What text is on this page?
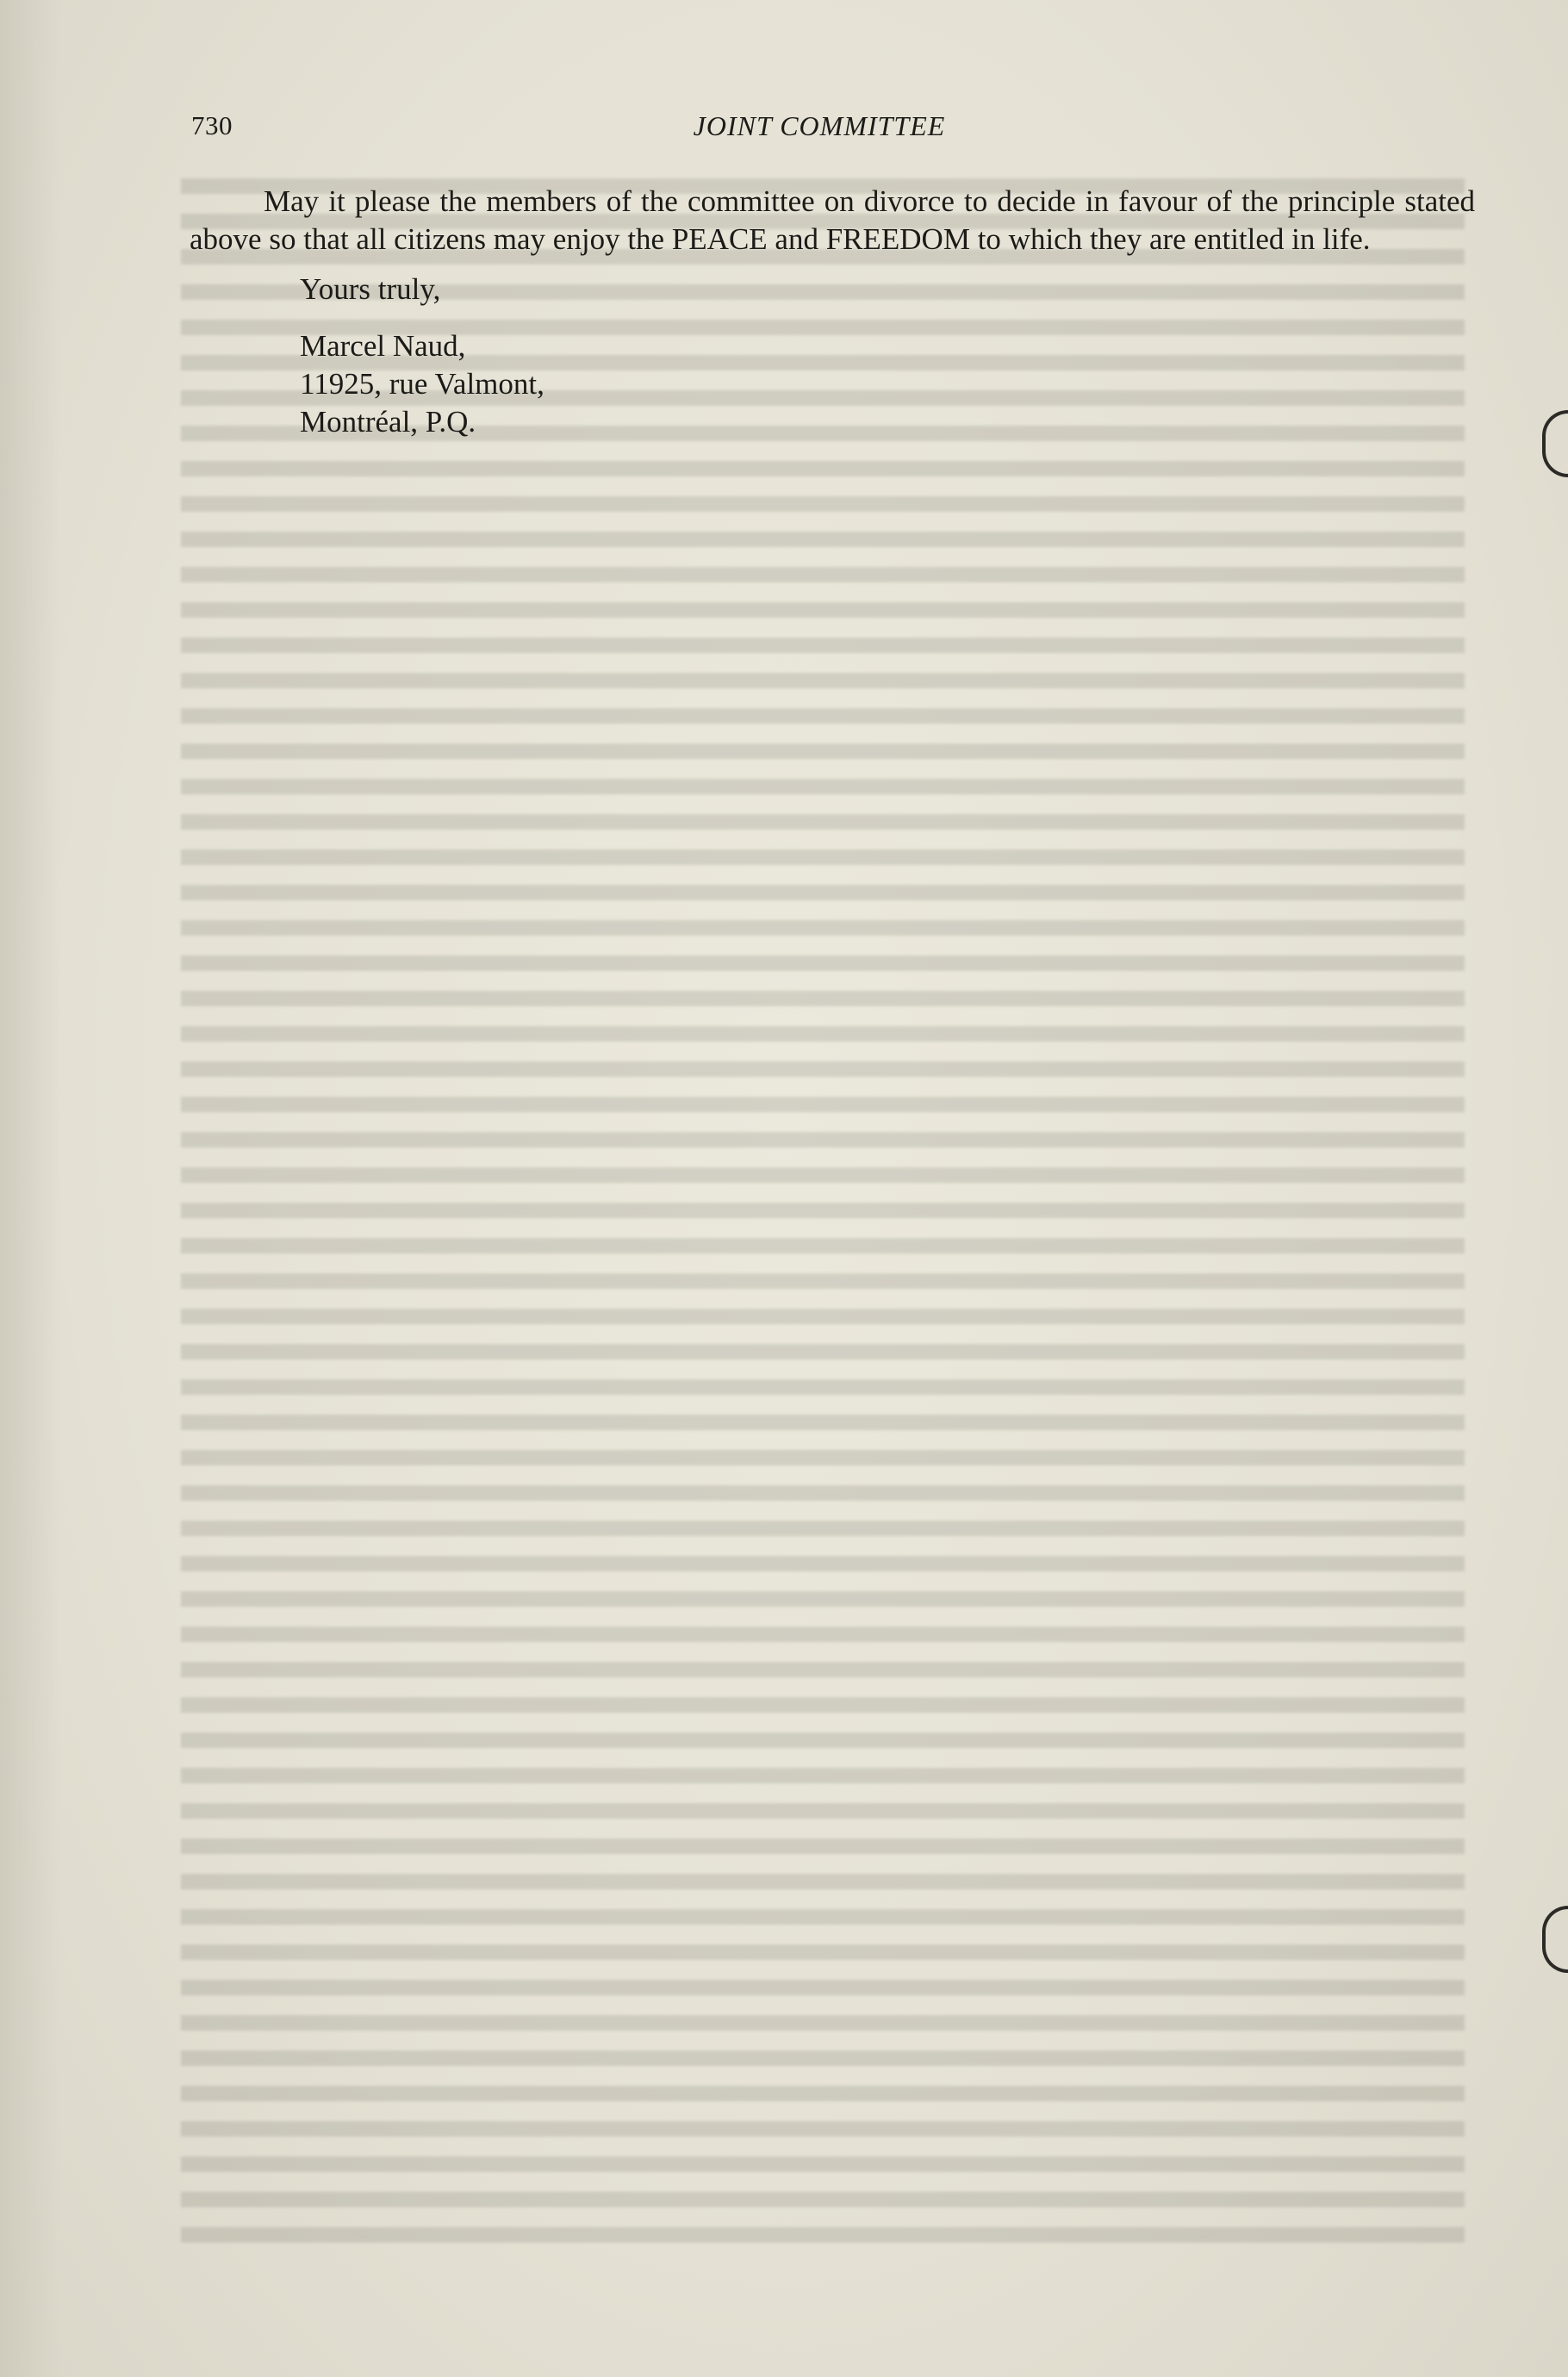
730	JOINT COMMITTEE

May it please the members of the committee on divorce to decide in favour of the principle stated above so that all citizens may enjoy the PEACE and FREEDOM to which they are entitled in life.

Yours truly,
Marcel Naud,
11925, rue Valmont,
Montréal, P.Q.
